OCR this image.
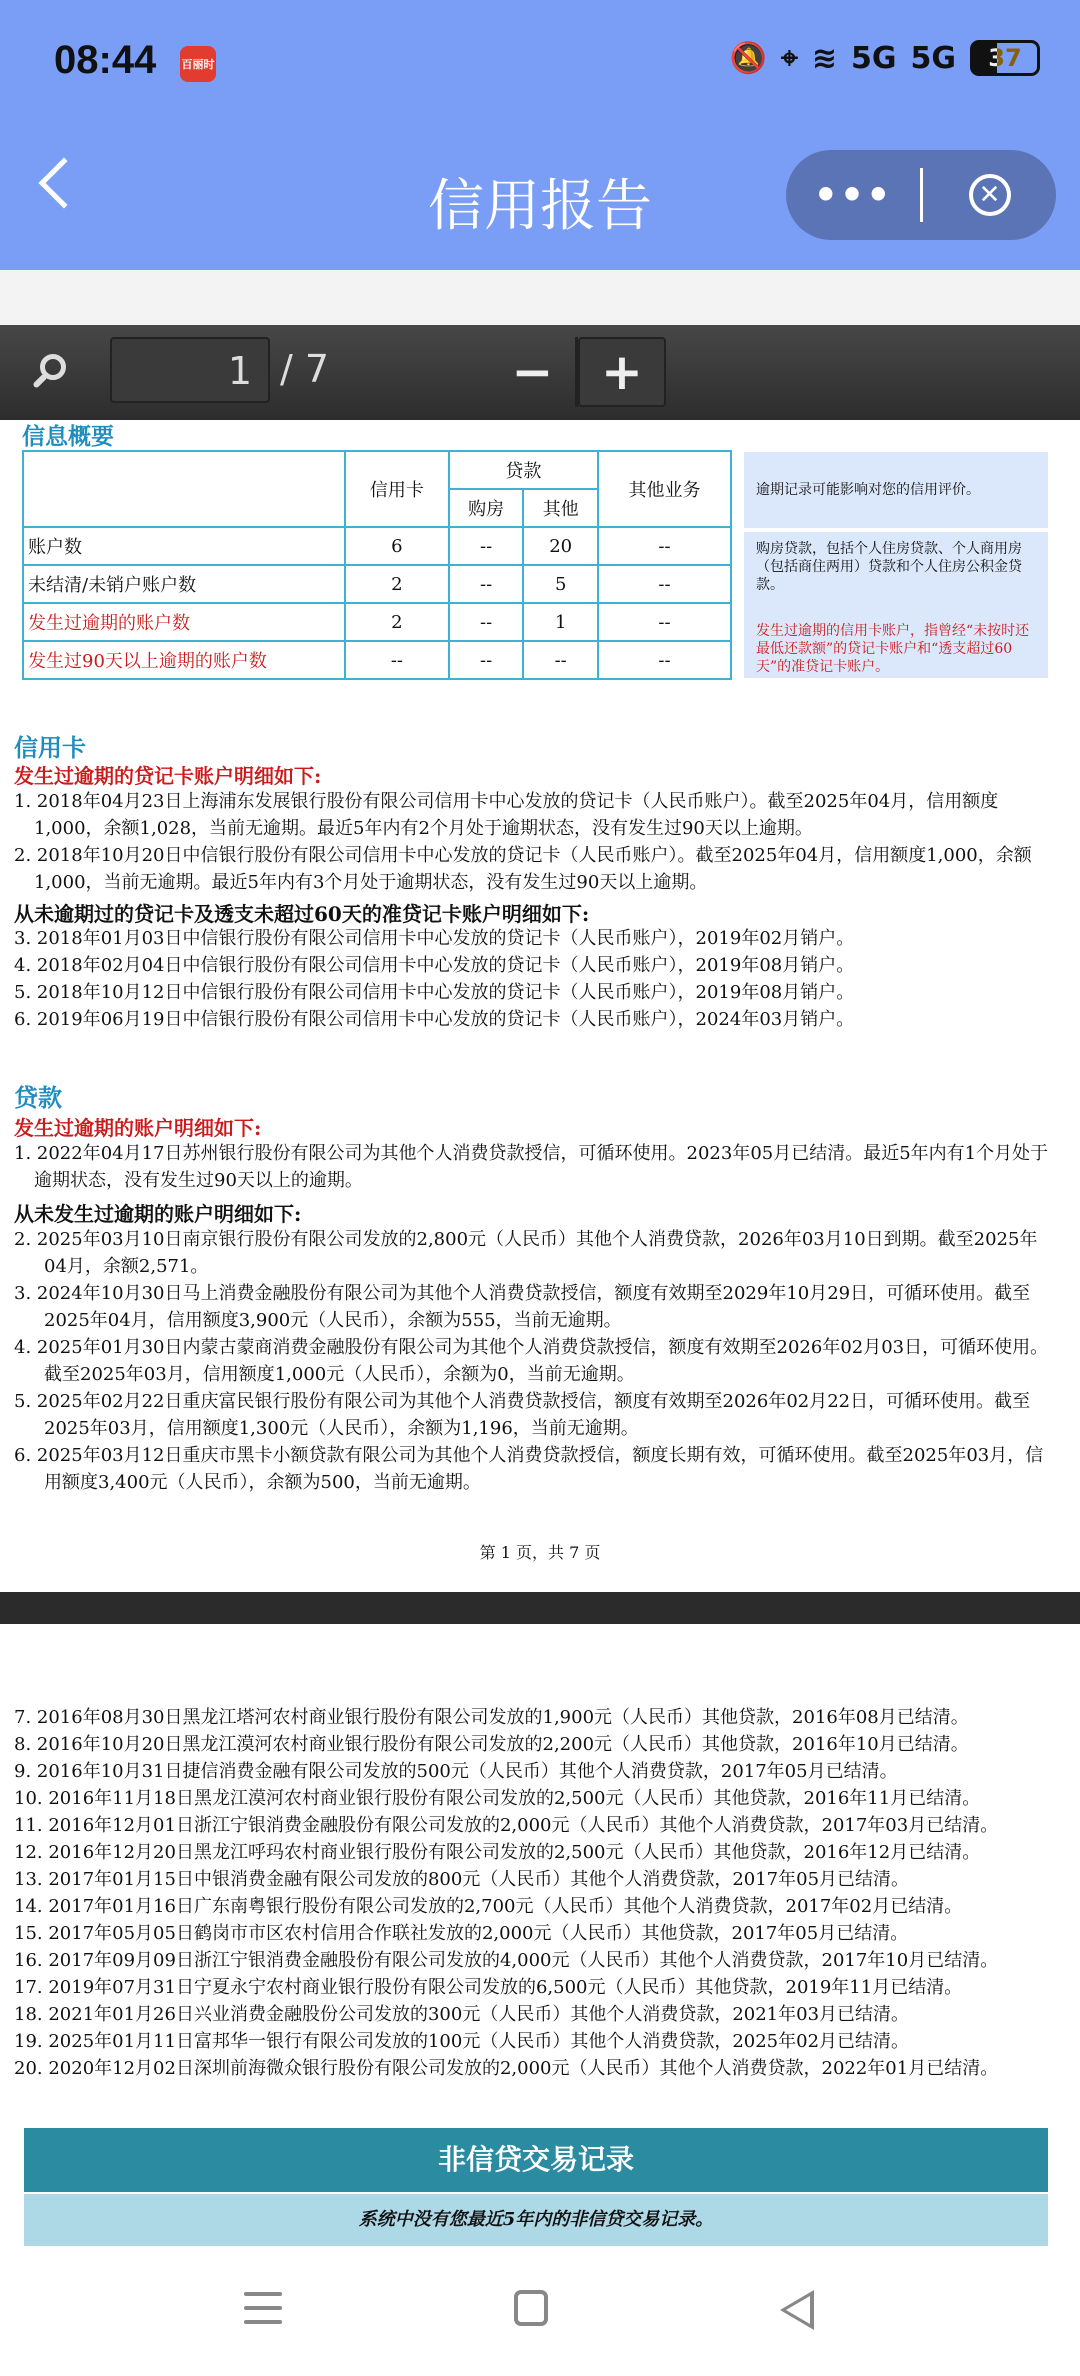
08:44 百丽时	🔕 ⌖ ≋ 5G 5G	37
信用报告	•••	✕
1 / 7	− +
信息概要
	信用卡	贷款		其他业务
		购房	其他	
账户数	6	--	20	--
未结清/未销户账户数	2	--	5	--
发生过逾期的账户数	2	--	1	--
发生过90天以上逾期的账户数	--	--	--	--
逾期记录可能影响对您的信用评价。
购房贷款，包括个人住房贷款、个人商用房（包括商住两用）贷款和个人住房公积金贷款。
发生过逾期的信用卡账户，指曾经“未按时还最低还款额”的贷记卡账户和“透支超过60天”的准贷记卡账户。
信用卡
发生过逾期的贷记卡账户明细如下:
1. 2018年04月23日上海浦东发展银行股份有限公司信用卡中心发放的贷记卡（人民币账户）。截至2025年04月，信用额度1,000，余额1,028，当前无逾期。最近5年内有2个月处于逾期状态，没有发生过90天以上逾期。
2. 2018年10月20日中信银行股份有限公司信用卡中心发放的贷记卡（人民币账户）。截至2025年04月，信用额度1,000，余额1,000，当前无逾期。最近5年内有3个月处于逾期状态，没有发生过90天以上逾期。
从未逾期过的贷记卡及透支未超过60天的准贷记卡账户明细如下:
3. 2018年01月03日中信银行股份有限公司信用卡中心发放的贷记卡（人民币账户），2019年02月销户。
4. 2018年02月04日中信银行股份有限公司信用卡中心发放的贷记卡（人民币账户），2019年08月销户。
5. 2018年10月12日中信银行股份有限公司信用卡中心发放的贷记卡（人民币账户），2019年08月销户。
6. 2019年06月19日中信银行股份有限公司信用卡中心发放的贷记卡（人民币账户），2024年03月销户。
贷款
发生过逾期的账户明细如下:
1. 2022年04月17日苏州银行股份有限公司为其他个人消费贷款授信，可循环使用。2023年05月已结清。最近5年内有1个月处于逾期状态，没有发生过90天以上的逾期。
从未发生过逾期的账户明细如下:
2. 2025年03月10日南京银行股份有限公司发放的2,800元（人民币）其他个人消费贷款，2026年03月10日到期。截至2025年04月，余额2,571。
3. 2024年10月30日马上消费金融股份有限公司为其他个人消费贷款授信，额度有效期至2029年10月29日，可循环使用。截至2025年04月，信用额度3,900元（人民币），余额为555，当前无逾期。
4. 2025年01月30日内蒙古蒙商消费金融股份有限公司为其他个人消费贷款授信，额度有效期至2026年02月03日，可循环使用。截至2025年03月，信用额度1,000元（人民币），余额为0，当前无逾期。
5. 2025年02月22日重庆富民银行股份有限公司为其他个人消费贷款授信，额度有效期至2026年02月22日，可循环使用。截至2025年03月，信用额度1,300元（人民币），余额为1,196，当前无逾期。
6. 2025年03月12日重庆市黑卡小额贷款有限公司为其他个人消费贷款授信，额度长期有效，可循环使用。截至2025年03月，信用额度3,400元（人民币），余额为500，当前无逾期。
第 1 页，共 7 页
7. 2016年08月30日黑龙江塔河农村商业银行股份有限公司发放的1,900元（人民币）其他贷款，2016年08月已结清。
8. 2016年10月20日黑龙江漠河农村商业银行股份有限公司发放的2,200元（人民币）其他贷款，2016年10月已结清。
9. 2016年10月31日捷信消费金融有限公司发放的500元（人民币）其他个人消费贷款，2017年05月已结清。
10. 2016年11月18日黑龙江漠河农村商业银行股份有限公司发放的2,500元（人民币）其他贷款，2016年11月已结清。
11. 2016年12月01日浙江宁银消费金融股份有限公司发放的2,000元（人民币）其他个人消费贷款，2017年03月已结清。
12. 2016年12月20日黑龙江呼玛农村商业银行股份有限公司发放的2,500元（人民币）其他贷款，2016年12月已结清。
13. 2017年01月15日中银消费金融有限公司发放的800元（人民币）其他个人消费贷款，2017年05月已结清。
14. 2017年01月16日广东南粤银行股份有限公司发放的2,700元（人民币）其他个人消费贷款，2017年02月已结清。
15. 2017年05月05日鹤岗市市区农村信用合作联社发放的2,000元（人民币）其他贷款，2017年05月已结清。
16. 2017年09月09日浙江宁银消费金融股份有限公司发放的4,000元（人民币）其他个人消费贷款，2017年10月已结清。
17. 2019年07月31日宁夏永宁农村商业银行股份有限公司发放的6,500元（人民币）其他贷款，2019年11月已结清。
18. 2021年01月26日兴业消费金融股份公司发放的300元（人民币）其他个人消费贷款，2021年03月已结清。
19. 2025年01月11日富邦华一银行有限公司发放的100元（人民币）其他个人消费贷款，2025年02月已结清。
20. 2020年12月02日深圳前海微众银行股份有限公司发放的2,000元（人民币）其他个人消费贷款，2022年01月已结清。
非信贷交易记录
系统中没有您最近5年内的非信贷交易记录。
